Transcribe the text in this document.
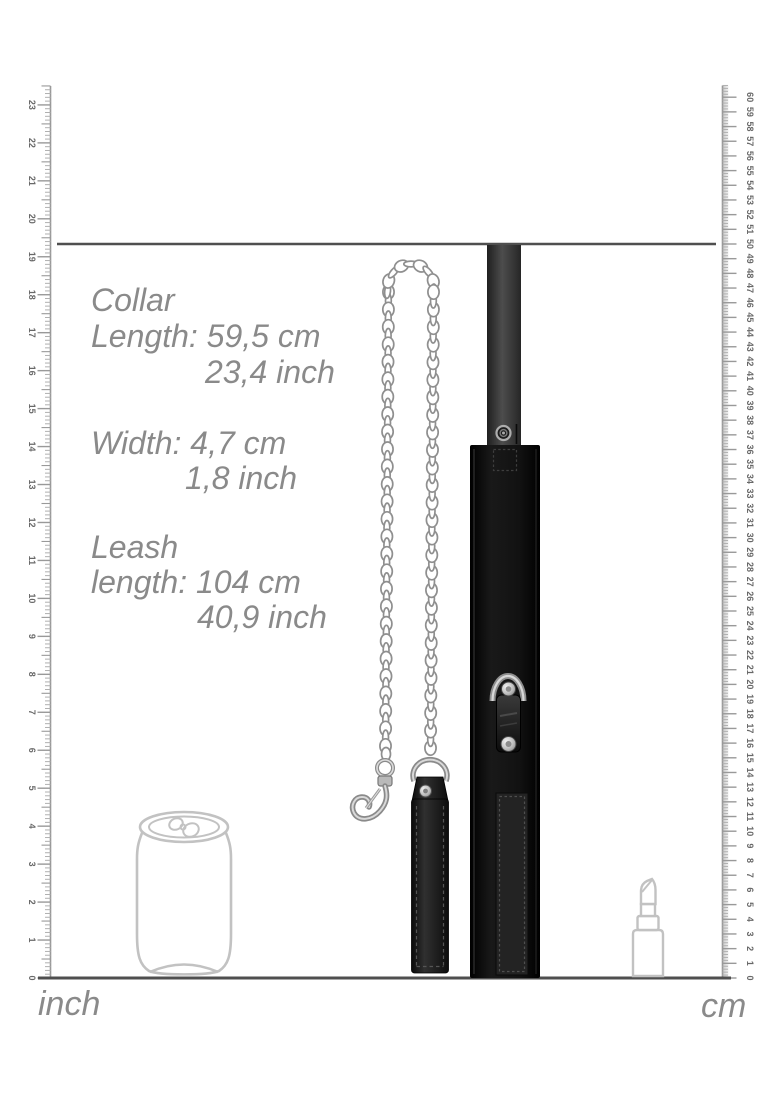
0
1
2
3
4
5
6
7
8
9
10
11
12
13
14
15
16
17
18
19
20
21
22
23
0
1
2
3
4
5
6
7
8
9
10
11
12
13
14
15
16
17
18
19
20
21
22
23
24
25
26
27
28
29
30
31
32
33
34
35
36
37
38
39
40
41
42
43
44
45
46
47
48
49
50
51
52
53
54
55
56
57
58
59
60
Collar
Length: 59,5 cm
23,4 inch
Width: 4,7 cm
1,8 inch
Leash
length: 104 cm
40,9 inch
inch	cm
